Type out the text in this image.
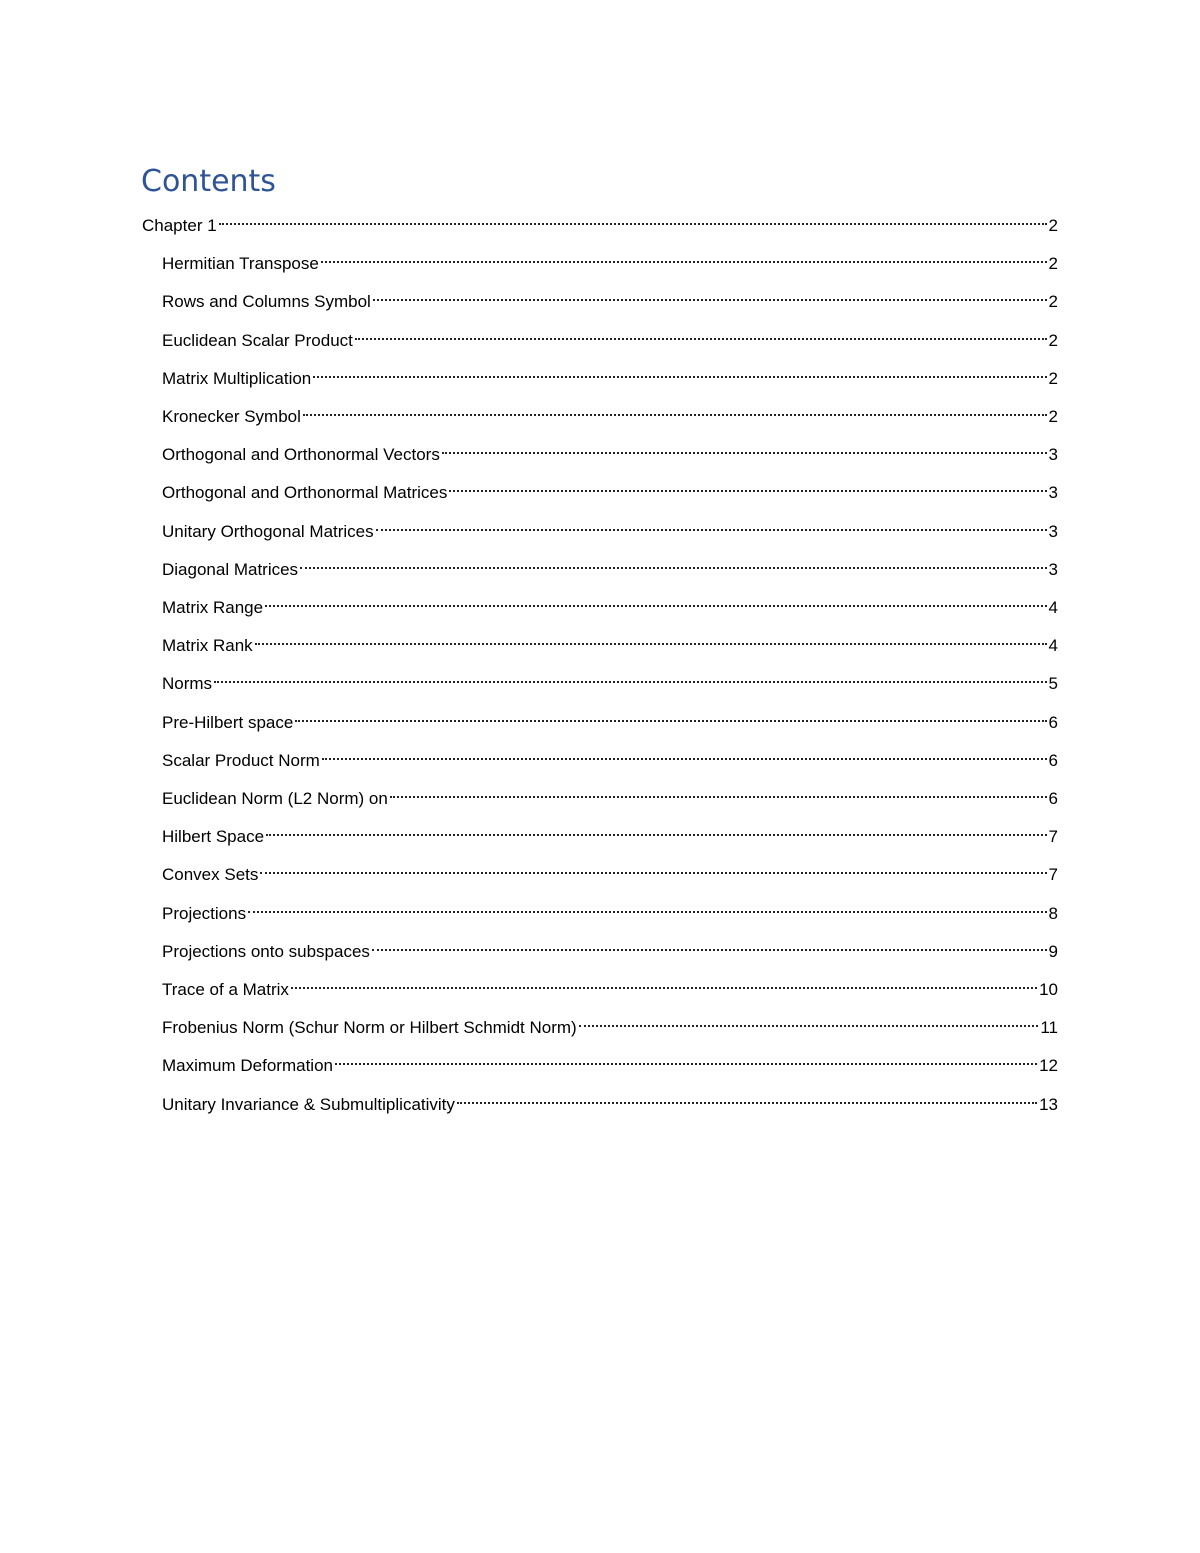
Contents
Chapter 1	2
Hermitian Transpose	2
Rows and Columns Symbol	2
Euclidean Scalar Product	2
Matrix Multiplication	2
Kronecker Symbol	2
Orthogonal and Orthonormal Vectors	3
Orthogonal and Orthonormal Matrices	3
Unitary Orthogonal Matrices	3
Diagonal Matrices	3
Matrix Range	4
Matrix Rank	4
Norms	5
Pre-Hilbert space	6
Scalar Product Norm	6
Euclidean Norm (L2 Norm) on	6
Hilbert Space	7
Convex Sets	7
Projections	8
Projections onto subspaces	9
Trace of a Matrix	10
Frobenius Norm (Schur Norm or Hilbert Schmidt Norm)	11
Maximum Deformation	12
Unitary Invariance & Submultiplicativity	13
